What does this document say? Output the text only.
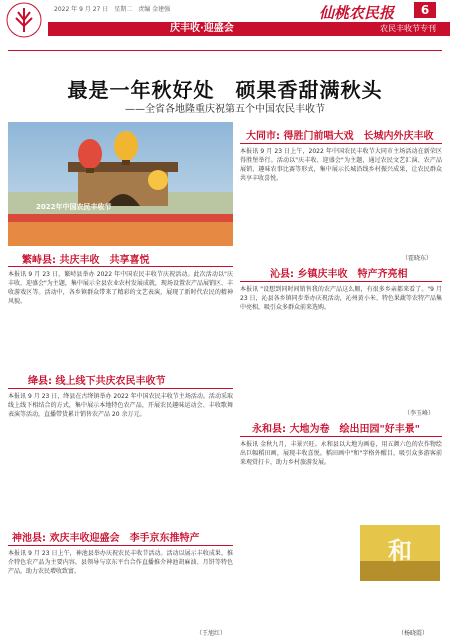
2022 年 9 月 27 日　星期二　责编 金建强	仙桃农民报	6
庆丰收·迎盛会	农民丰收节专刊
最是一年秋好处　硕果香甜满秋头
——全省各地隆重庆祝第五个中国农民丰收节
2022年中国农民丰收节
繁峙县: 共庆丰收　共享喜悦
本报讯 9 月 23 日，繁峙县举办 2022 年中国农民丰收节庆祝活动。此次活动以"庆丰收、迎盛会"为主题，集中展示全县农业农村发展成就，现场设置农产品展销区、丰收游戏区等。活动中，各乡镇群众带来了精彩的文艺表演，展现了新时代农民的精神风貌。
绛县: 线上线下共庆农民丰收节
本报讯 9 月 23 日，绛县在古绛镇举办 2022 年中国农民丰收节主场活动。活动采取线上线下相结合的方式，集中展示本地特色农产品，开展农民趣味运动会、丰收歌舞表演等活动，直播带货累计销售农产品 20 余万元。
神池县: 欢庆丰收迎盛会　李手京东推特产
本报讯 9 月 23 日上午，神池县举办庆祝农民丰收节活动。活动以展示丰收成果、推介特色农产品为主要内容。县领导与京东平台合作直播推介神池胡麻油、月饼等特色产品，助力农民增收致富。
（王旭红）
大同市: 得胜门前唱大戏　长城内外庆丰收
本报讯 9 月 23 日上午，2022 年中国农民丰收节大同市主场活动在新荣区得胜堡举行。活动以"庆丰收、迎盛会"为主题，通过农民文艺汇演、农产品展销、趣味农事比赛等形式，集中展示长城沿线乡村振兴成果，让农民群众共享丰收喜悦。
（霍晓东）
沁县: 乡镇庆丰收　特产齐亮相
本报讯 "设想到同时间销售我的农产品这么顺，有很多乡亲都来看了。"9 月 23 日，沁县各乡镇同步举办庆祝活动，沁州黄小米、特色果蔬等农特产品集中亮相，吸引众多群众前来选购。
（李玉峰）
永和县: 大地为卷　绘出田园"好丰景"
本报讯 金秋九月，丰景兴旺。永和县以大地为画卷，用五颜六色的农作物绘出巨幅稻田画，展现丰收喜悦。稻田画中"和"字格外醒目，吸引众多游客前来观赏打卡，助力乡村旅游发展。
和
（杨晓霞）
